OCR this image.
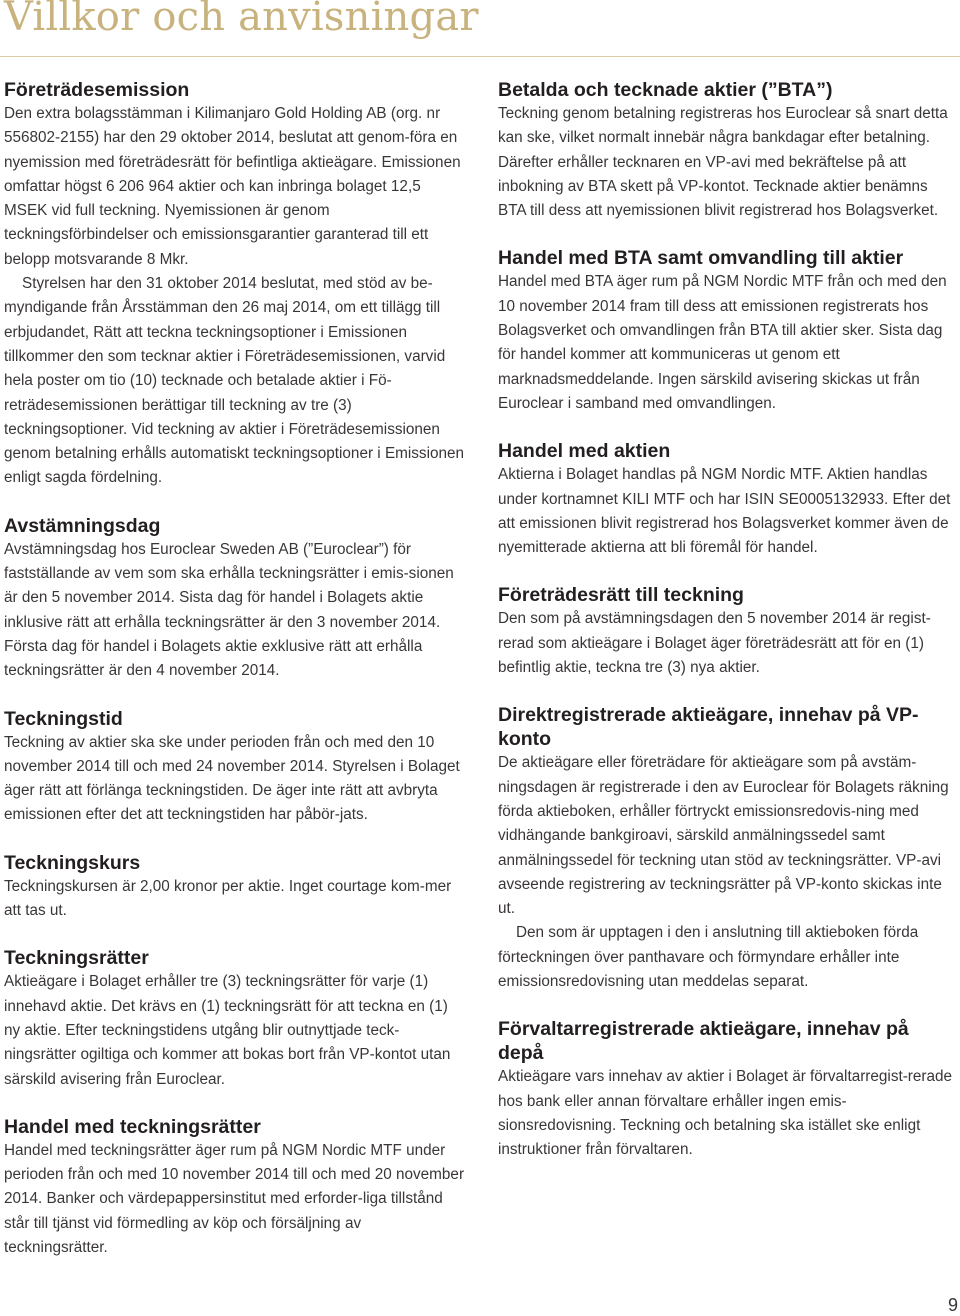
Villkor och anvisningar
Företrädesemission

Den extra bolagsstämman i Kilimanjaro Gold Holding AB (org. nr 556802-2155) har den 29 oktober 2014, beslutat att genom-föra en nyemission med företrädesrätt för befintliga aktieägare. Emissionen omfattar högst 6 206 964 aktier och kan inbringa bolaget 12,5 MSEK vid full teckning. Nyemissionen är genom teckningsförbindelser och emissionsgarantier garanterad till ett belopp motsvarande 8 Mkr.

Styrelsen har den 31 oktober 2014 beslutat, med stöd av be-myndigande från Årsstämman den 26 maj 2014, om ett tillägg till erbjudandet, Rätt att teckna teckningsoptioner i Emissionen tillkommer den som tecknar aktier i Företrädesemissionen, varvid hela poster om tio (10) tecknade och betalade aktier i Fö-reträdesemissionen berättigar till teckning av tre (3) teckningsoptioner. Vid teckning av aktier i Företrädesemissionen genom betalning erhålls automatiskt teckningsoptioner i Emissionen enligt sagda fördelning.

Avstämningsdag

Avstämningsdag hos Euroclear Sweden AB (”Euroclear”) för fastställande av vem som ska erhålla teckningsrätter i emis-sionen är den 5 november 2014. Sista dag för handel i Bolagets aktie inklusive rätt att erhålla teckningsrätter är den 3 november 2014. Första dag för handel i Bolagets aktie exklusive rätt att erhålla teckningsrätter är den 4 november 2014.

Teckningstid

Teckning av aktier ska ske under perioden från och med den 10 november 2014 till och med 24 november 2014. Styrelsen i Bolaget äger rätt att förlänga teckningstiden. De äger inte rätt att avbryta emissionen efter det att teckningstiden har påbör-jats.

Teckningskurs

Teckningskursen är 2,00 kronor per aktie. Inget courtage kom-mer att tas ut.

Teckningsrätter

Aktieägare i Bolaget erhåller tre (3) teckningsrätter för varje (1) innehavd aktie. Det krävs en (1) teckningsrätt för att teckna en (1) ny aktie. Efter teckningstidens utgång blir outnyttjade teck-ningsrätter ogiltiga och kommer att bokas bort från VP-kontot utan särskild avisering från Euroclear.

Handel med teckningsrätter

Handel med teckningsrätter äger rum på NGM Nordic MTF under perioden från och med 10 november 2014 till och med 20 november 2014. Banker och värdepappersinstitut med erforder-liga tillstånd står till tjänst vid förmedling av köp och försäljning av teckningsrätter.

Betalda och tecknade aktier (”BTA”)

Teckning genom betalning registreras hos Euroclear så snart detta kan ske, vilket normalt innebär några bankdagar efter betalning. Därefter erhåller tecknaren en VP-avi med bekräftelse på att inbokning av BTA skett på VP-kontot. Tecknade aktier benämns BTA till dess att nyemissionen blivit registrerad hos Bolagsverket.

Handel med BTA samt omvandling till aktier

Handel med BTA äger rum på NGM Nordic MTF från och med den 10 november 2014 fram till dess att emissionen registrerats hos Bolagsverket och omvandlingen från BTA till aktier sker. Sista dag för handel kommer att kommuniceras ut genom ett marknadsmeddelande. Ingen särskild avisering skickas ut från Euroclear i samband med omvandlingen.

Handel med aktien

Aktierna i Bolaget handlas på NGM Nordic MTF. Aktien handlas under kortnamnet KILI MTF och har ISIN SE0005132933. Efter det att emissionen blivit registrerad hos Bolagsverket kommer även de nyemitterade aktierna att bli föremål för handel.

Företrädesrätt till teckning

Den som på avstämningsdagen den 5 november 2014 är regist-rerad som aktieägare i Bolaget äger företrädesrätt att för en (1) befintlig aktie, teckna tre (3) nya aktier.

Direktregistrerade aktieägare, innehav på VP-konto

De aktieägare eller företrädare för aktieägare som på avstäm-ningsdagen är registrerade i den av Euroclear för Bolagets räkning förda aktieboken, erhåller förtryckt emissionsredovis-ning med vidhängande bankgiroavi, särskild anmälningssedel samt anmälningssedel för teckning utan stöd av teckningsrätter. VP-avi avseende registrering av teckningsrätter på VP-konto skickas inte ut.

Den som är upptagen i den i anslutning till aktieboken förda förteckningen över panthavare och förmyndare erhåller inte emissionsredovisning utan meddelas separat.

Förvaltarregistrerade aktieägare, innehav på depå

Aktieägare vars innehav av aktier i Bolaget är förvaltarregist-rerade hos bank eller annan förvaltare erhåller ingen emis-sionsredovisning. Teckning och betalning ska istället ske enligt instruktioner från förvaltaren.

9
